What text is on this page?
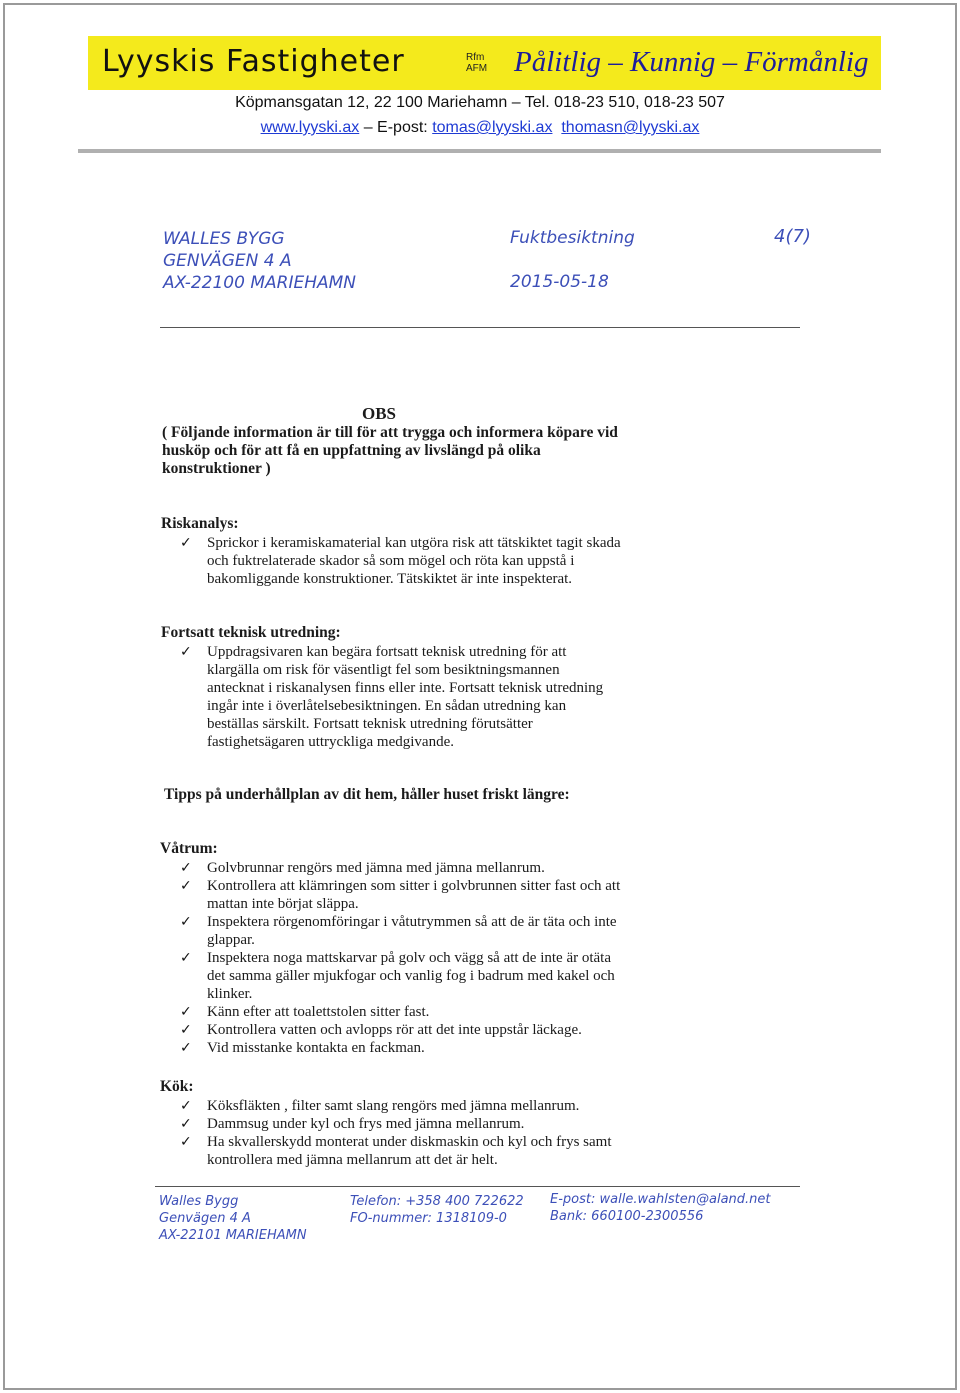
Lyyskis Fastigheter	Rfm
AFM Pålitlig – Kunnig – Förmånlig
Köpmansgatan 12, 22 100 Mariehamn – Tel. 018-23 510, 018-23 507
www.lyyski.ax – E-post: tomas@lyyski.ax thomasn@lyyski.ax
WALLES BYGG
GENVÄGEN 4 A
AX-22100 MARIEHAMN
Fuktbesiktning
2015-05-18
4(7)
OBS
( Följande information är till för att trygga och informera köpare vid husköp och för att få en uppfattning av livslängd på olika konstruktioner )
Riskanalys:
✓ Sprickor i keramiskamaterial kan utgöra risk att tätskiktet tagit skada och fuktrelaterade skador så som mögel och röta kan uppstå i bakomliggande konstruktioner. Tätskiktet är inte inspekterat.
Fortsatt teknisk utredning:
✓ Uppdragsivaren kan begära fortsatt teknisk utredning för att klargälla om risk för väsentligt fel som besiktningsmannen antecknat i riskanalysen finns eller inte. Fortsatt teknisk utredning ingår inte i överlåtelsebesiktningen. En sådan utredning kan beställas särskilt. Fortsatt teknisk utredning förutsätter fastighetsägaren uttryckliga medgivande.
Tipps på underhållplan av dit hem, håller huset friskt längre:
Våtrum:
✓ Golvbrunnar rengörs med jämna med jämna mellanrum.
✓ Kontrollera att klämringen som sitter i golvbrunnen sitter fast och att mattan inte börjat släppa.
✓ Inspektera rörgenomföringar i våtutrymmen så att de är täta och inte glappar.
✓ Inspektera noga mattskarvar på golv och vägg så att de inte är otäta det samma gäller mjukfogar och vanlig fog i badrum med kakel och klinker.
✓ Känn efter att toalettstolen sitter fast.
✓ Kontrollera vatten och avlopps rör att det inte uppstår läckage.
✓ Vid misstanke kontakta en fackman.
Kök:
✓ Köksfläkten , filter samt slang rengörs med jämna mellanrum.
✓ Dammsug under kyl och frys med jämna mellanrum.
✓ Ha skvallerskydd monterat under diskmaskin och kyl och frys samt kontrollera med jämna mellanrum att det är helt.
Walles Bygg
Genvägen 4 A
AX-22101 MARIEHAMN
Telefon: +358 400 722622
FO-nummer: 1318109-0
E-post: walle.wahlsten@aland.net
Bank: 660100-2300556
